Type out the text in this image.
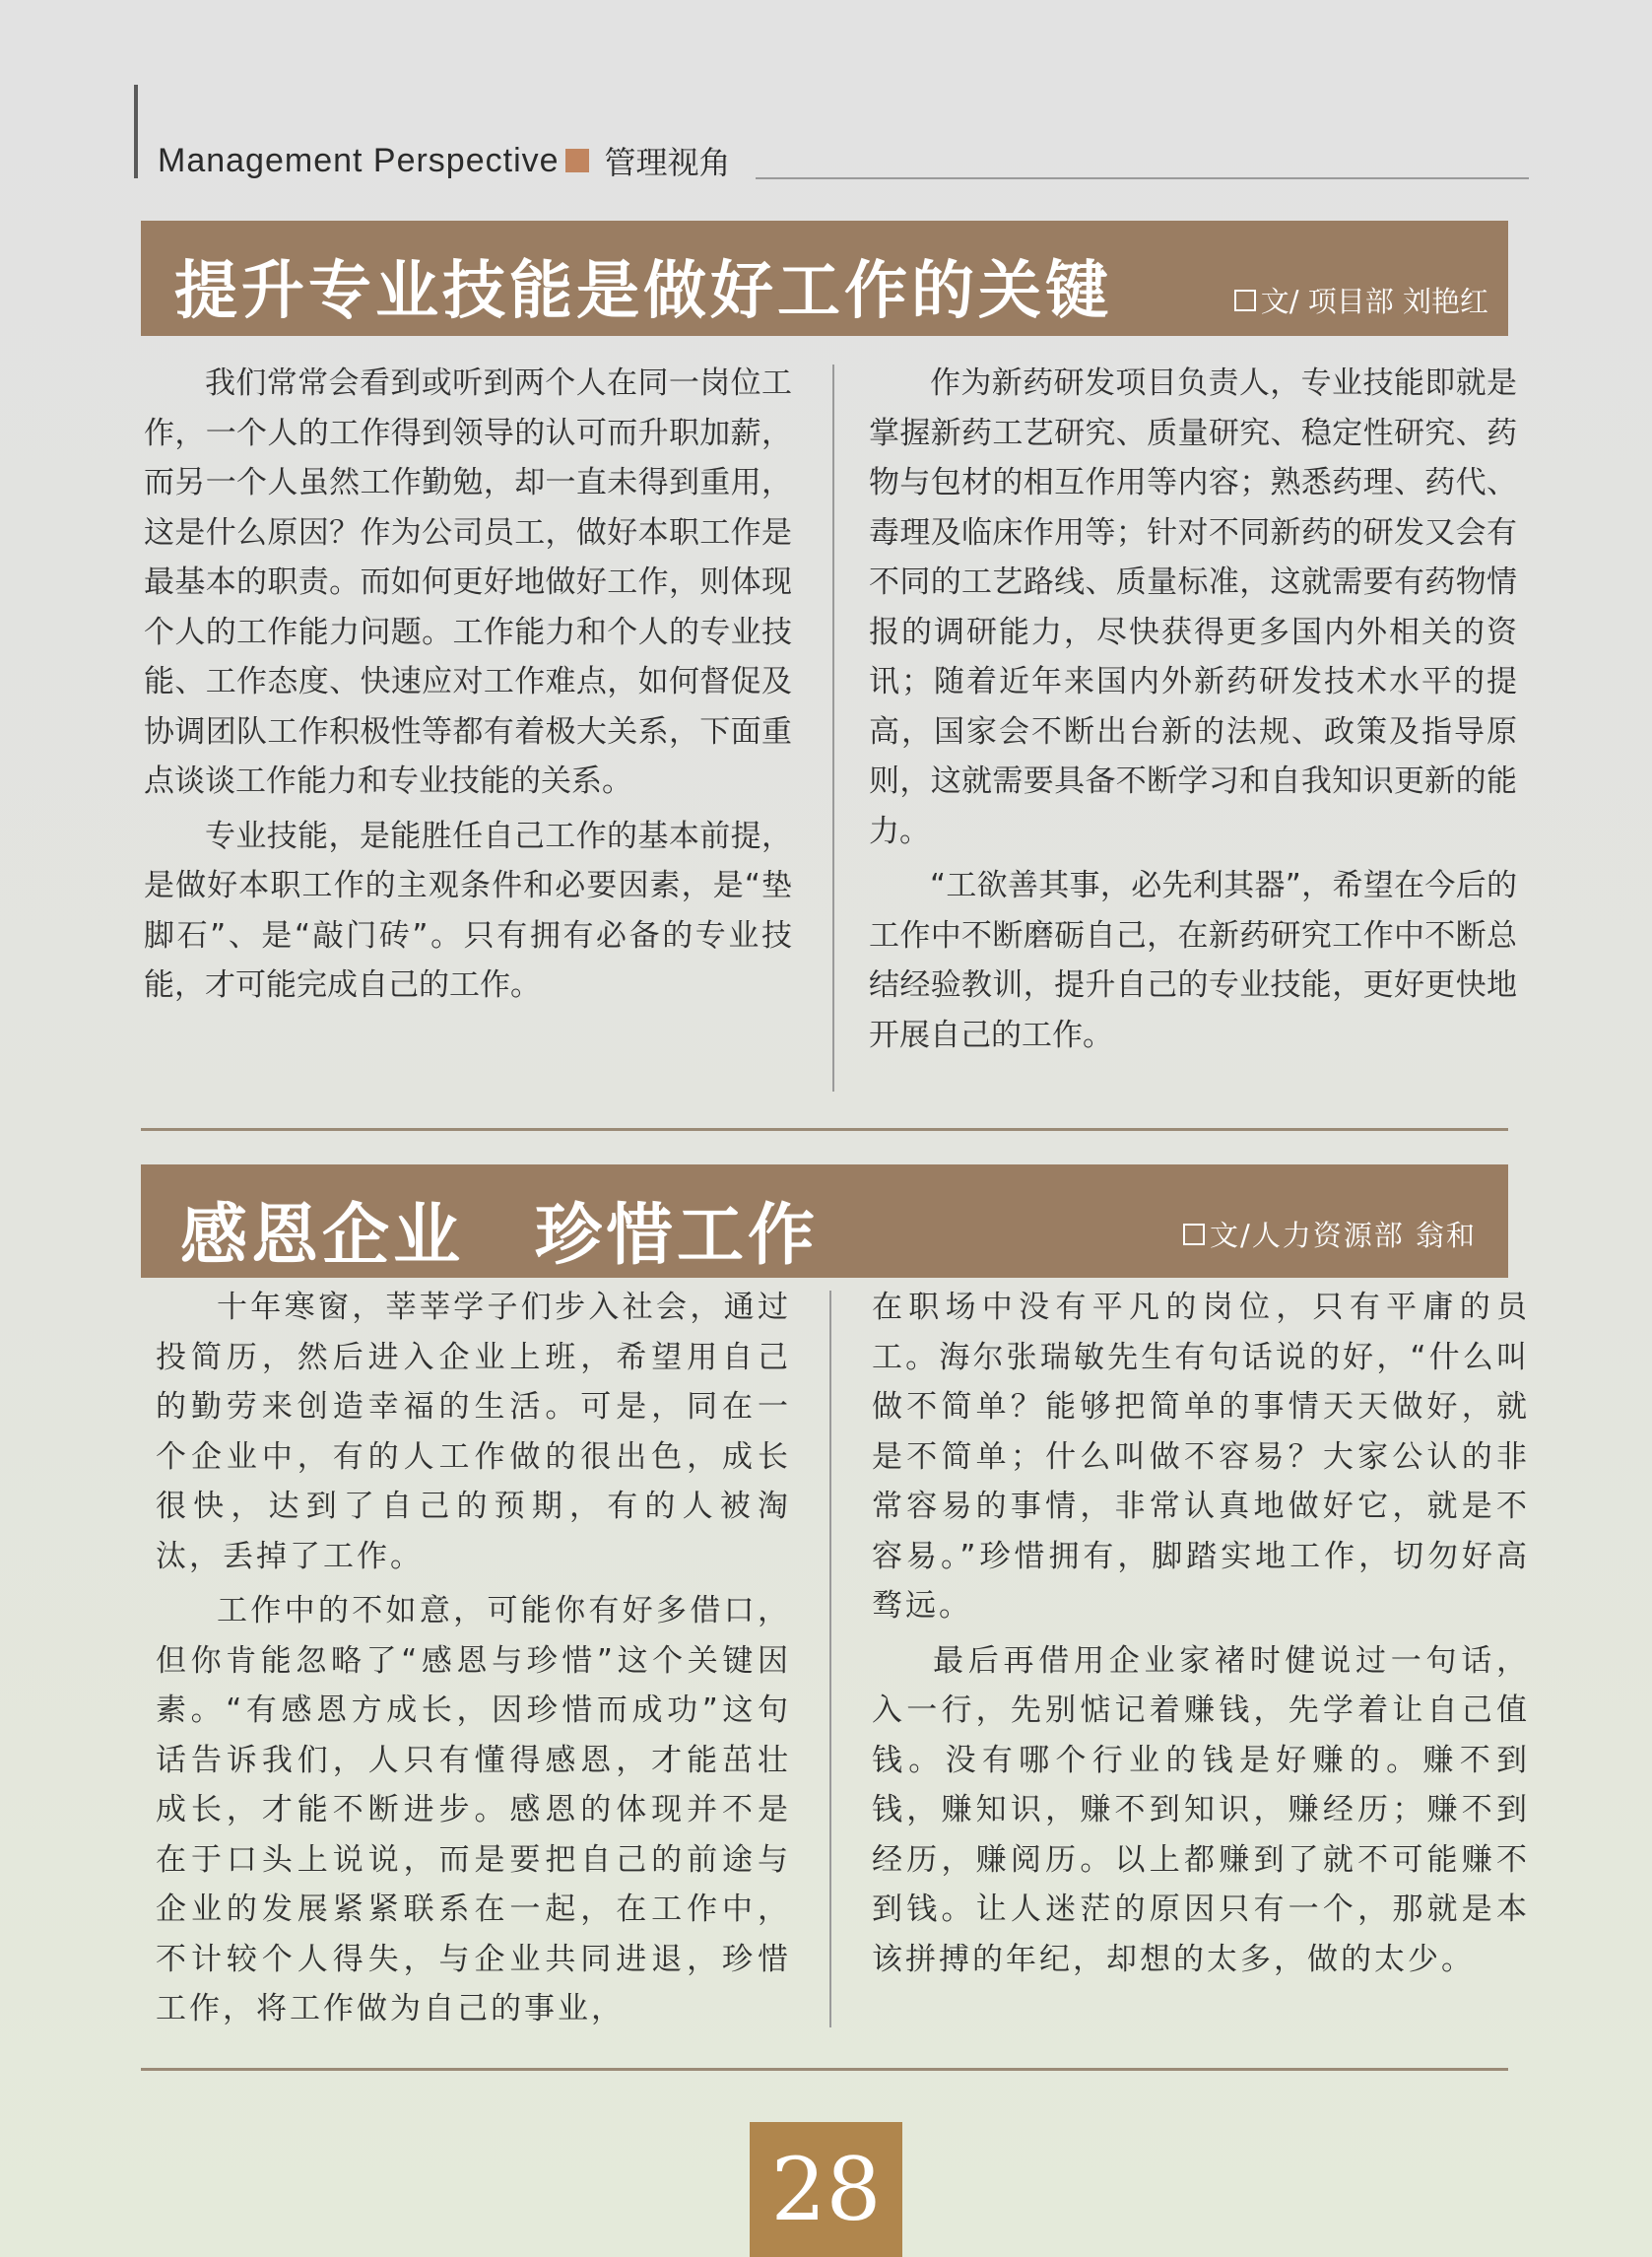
Management Perspective 管理视角
提升专业技能是做好工作的关键	文/ 项目部 刘艳红

我们常常会看到或听到两个人在同一岗位工作，一个人的工作得到领导的认可而升职加薪，而另一个人虽然工作勤勉，却一直未得到重用，这是什么原因？作为公司员工，做好本职工作是最基本的职责。而如何更好地做好工作，则体现个人的工作能力问题。工作能力和个人的专业技能、工作态度、快速应对工作难点，如何督促及协调团队工作积极性等都有着极大关系，下面重点谈谈工作能力和专业技能的关系。

专业技能，是能胜任自己工作的基本前提，是做好本职工作的主观条件和必要因素，是“垫脚石”、是“敲门砖”。只有拥有必备的专业技能，才可能完成自己的工作。

作为新药研发项目负责人，专业技能即就是掌握新药工艺研究、质量研究、稳定性研究、药物与包材的相互作用等内容；熟悉药理、药代、毒理及临床作用等；针对不同新药的研发又会有不同的工艺路线、质量标准，这就需要有药物情报的调研能力，尽快获得更多国内外相关的资讯；随着近年来国内外新药研发技术水平的提高，国家会不断出台新的法规、政策及指导原则，这就需要具备不断学习和自我知识更新的能力。

“工欲善其事，必先利其器”，希望在今后的工作中不断磨砺自己，在新药研究工作中不断总结经验教训，提升自己的专业技能，更好更快地开展自己的工作。

感恩企业　珍惜工作	文/人力资源部 翁和

十年寒窗，莘莘学子们步入社会，通过投简历，然后进入企业上班，希望用自己的勤劳来创造幸福的生活。可是，同在一个企业中，有的人工作做的很出色，成长很快，达到了自己的预期，有的人被淘汰，丢掉了工作。

工作中的不如意，可能你有好多借口，但你肯能忽略了“感恩与珍惜”这个关键因素。“有感恩方成长，因珍惜而成功”这句话告诉我们，人只有懂得感恩，才能茁壮成长，才能不断进步。感恩的体现并不是在于口头上说说，而是要把自己的前途与企业的发展紧紧联系在一起，在工作中，不计较个人得失，与企业共同进退，珍惜工作，将工作做为自己的事业，

在职场中没有平凡的岗位，只有平庸的员工。海尔张瑞敏先生有句话说的好，“什么叫做不简单？能够把简单的事情天天做好，就是不简单；什么叫做不容易？大家公认的非常容易的事情，非常认真地做好它，就是不容易。”珍惜拥有，脚踏实地工作，切勿好高骛远。

最后再借用企业家褚时健说过一句话，入一行，先别惦记着赚钱，先学着让自己值钱。没有哪个行业的钱是好赚的。赚不到钱，赚知识，赚不到知识，赚经历；赚不到经历，赚阅历。以上都赚到了就不可能赚不到钱。让人迷茫的原因只有一个，那就是本该拼搏的年纪，却想的太多，做的太少。

28
